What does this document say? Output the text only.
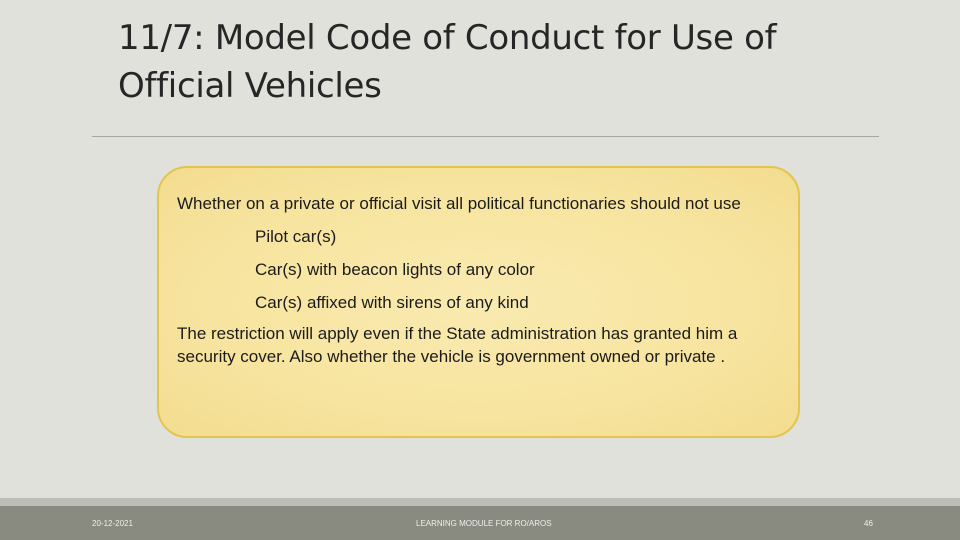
11/7: Model Code of Conduct for Use of Official Vehicles

Whether on a private or official visit all political functionaries should not use

Pilot car(s)

Car(s) with beacon lights of any color

Car(s) affixed with sirens of any kind

The restriction will apply even if the State administration has granted him a security cover. Also whether the vehicle is government owned or private .

20-12-2021	LEARNING MODULE FOR RO/AROS	46
